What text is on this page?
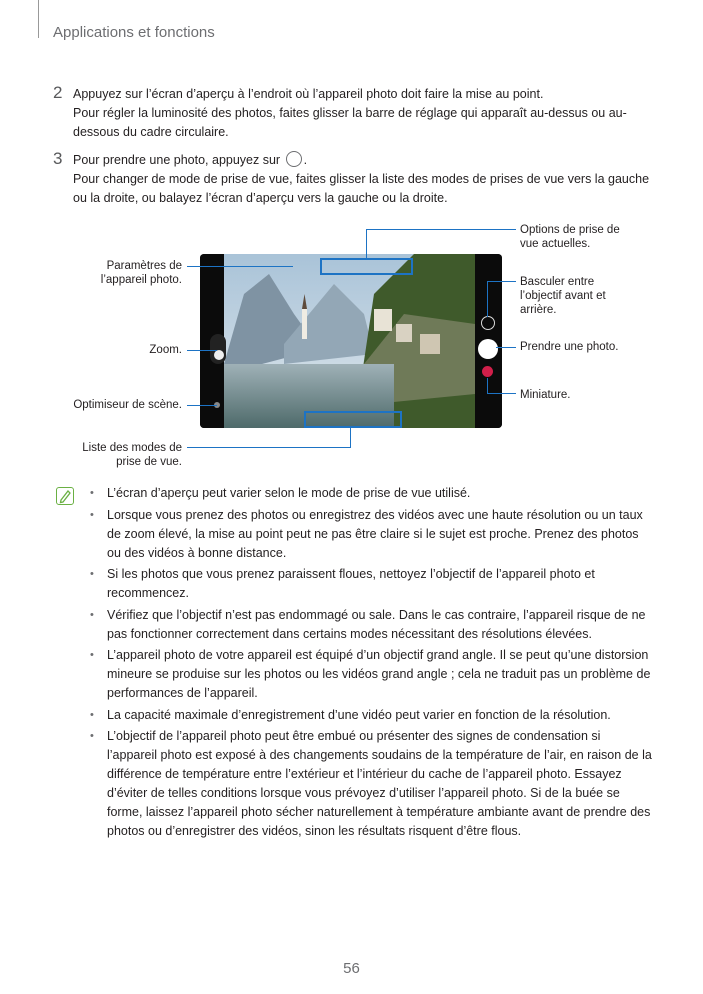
Applications et fonctions
2 Appuyez sur l’écran d’aperçu à l’endroit où l’appareil photo doit faire la mise au point.
Pour régler la luminosité des photos, faites glisser la barre de réglage qui apparaît au-dessus ou au-dessous du cadre circulaire.
3 Pour prendre une photo, appuyez sur .
Pour changer de mode de prise de vue, faites glisser la liste des modes de prises de vue vers la gauche ou la droite, ou balayez l’écran d’aperçu vers la gauche ou la droite.
Options de prise de vue actuelles.
Paramètres de l’appareil photo.	Basculer entre l’objectif avant et arrière.
Zoom.	Prendre une photo.
Optimiseur de scène.
Miniature.
Liste des modes de prise de vue.
• L’écran d’aperçu peut varier selon le mode de prise de vue utilisé.
• Lorsque vous prenez des photos ou enregistrez des vidéos avec une haute résolution ou un taux de zoom élevé, la mise au point peut ne pas être claire si le sujet est proche. Prenez des photos ou des vidéos à bonne distance.
• Si les photos que vous prenez paraissent floues, nettoyez l’objectif de l’appareil photo et recommencez.
• Vérifiez que l’objectif n’est pas endommagé ou sale. Dans le cas contraire, l’appareil risque de ne pas fonctionner correctement dans certains modes nécessitant des résolutions élevées.
• L’appareil photo de votre appareil est équipé d’un objectif grand angle. Il se peut qu’une distorsion mineure se produise sur les photos ou les vidéos grand angle ; cela ne traduit pas un problème de performances de l’appareil.
• La capacité maximale d’enregistrement d’une vidéo peut varier en fonction de la résolution.
• L’objectif de l’appareil photo peut être embué ou présenter des signes de condensation si l’appareil photo est exposé à des changements soudains de la température de l’air, en raison de la différence de température entre l’extérieur et l’intérieur du cache de l’appareil photo. Essayez d’éviter de telles conditions lorsque vous prévoyez d’utiliser l’appareil photo. Si de la buée se forme, laissez l’appareil photo sécher naturellement à température ambiante avant de prendre des photos ou d’enregistrer des vidéos, sinon les résultats risquent d’être flous.
56
